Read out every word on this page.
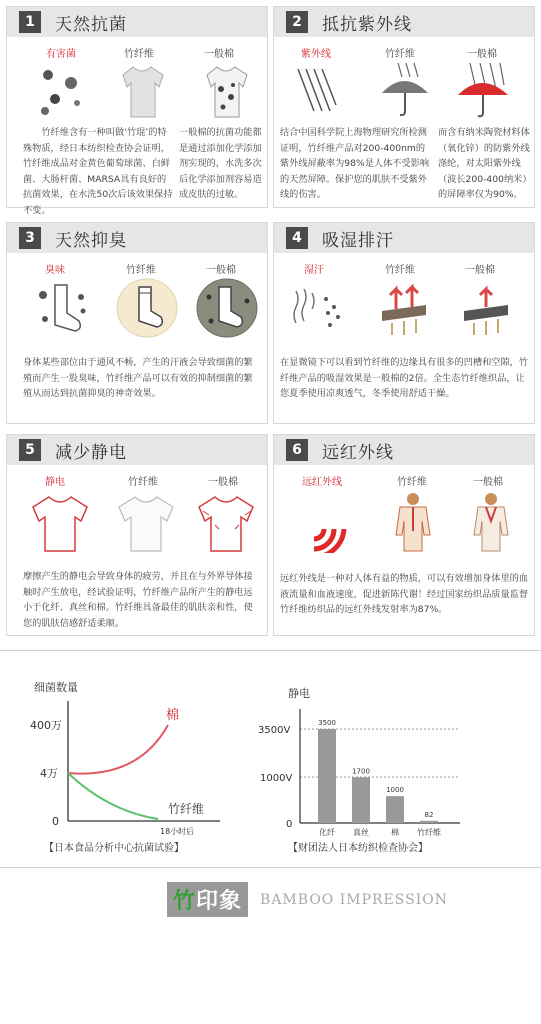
1	天然抗菌
有害菌	竹纤维	一般棉
竹纤维含有一种叫做‘竹琨’的特殊物质，经日本纺织检查协会证明，竹纤维成品对金黄色葡萄球菌、白鲜菌、大肠杆菌、MARSA具有良好的抗菌效果，在水洗50次后该效果保持不变。
一般棉的抗菌功能都是通过添加化学添加剂实现的，水洗多次后化学添加剂容易造成皮肤的过敏。
2	抵抗紫外线
紫外线	竹纤维	一般棉
结合中国科学院上海物理研究所检测证明，竹纤维产品对200-400nm的紫外线屏蔽率为98%是人体不受影响的天然屏障。保护您的肌肤不受紫外线的伤害。
而含有纳米陶瓷材料体（氧化锌）的防紫外线涤纶，对太阳紫外线（波长200-400纳米）的屏障率仅为90%。
3	天然抑臭
臭味	竹纤维	一般棉
身体某些部位由于通风不畅，产生的汗液会导致细菌的繁殖而产生一股臭味，竹纤维产品可以有效的抑制细菌的繁殖从而达到抗菌抑臭的神奇效果。
4	吸湿排汗
湿汗	竹纤维	一般棉
在显微镜下可以看到竹纤维的边缘具有很多的凹槽和空隙，竹纤维产品的吸湿效果是一般棉的2倍。全生态竹纤维织品，让您夏季使用凉爽透气，冬季使用舒适干燥。
5	减少静电
静电	竹纤维	一般棉
摩擦产生的静电会导致身体的疲劳，并且在与外界导体接触时产生放电，经试验证明，竹纤维产品所产生的静电远小于化纤、真丝和棉。竹纤维具备最佳的肌肤亲和性，使您的肌肤倍感舒适柔顺。
6	远红外线
远红外线	竹纤维	一般棉
远红外线是一种对人体有益的物质，可以有效增加身体里的血液流量和血液速度，促进新陈代谢！经过国家纺织品质量监督竹纤维纺织品的远红外线发射率为87%。
细菌数量
400万
4万
0
18小时后
棉
竹纤维
【日本食品分析中心抗菌试验】
静电
3500V
1000V
0
3500
化纤
1700
真丝
1000
棉
82
竹纤维
【财团法人日本纺织检查协会】
竹印象	BAMBOO IMPRESSION
